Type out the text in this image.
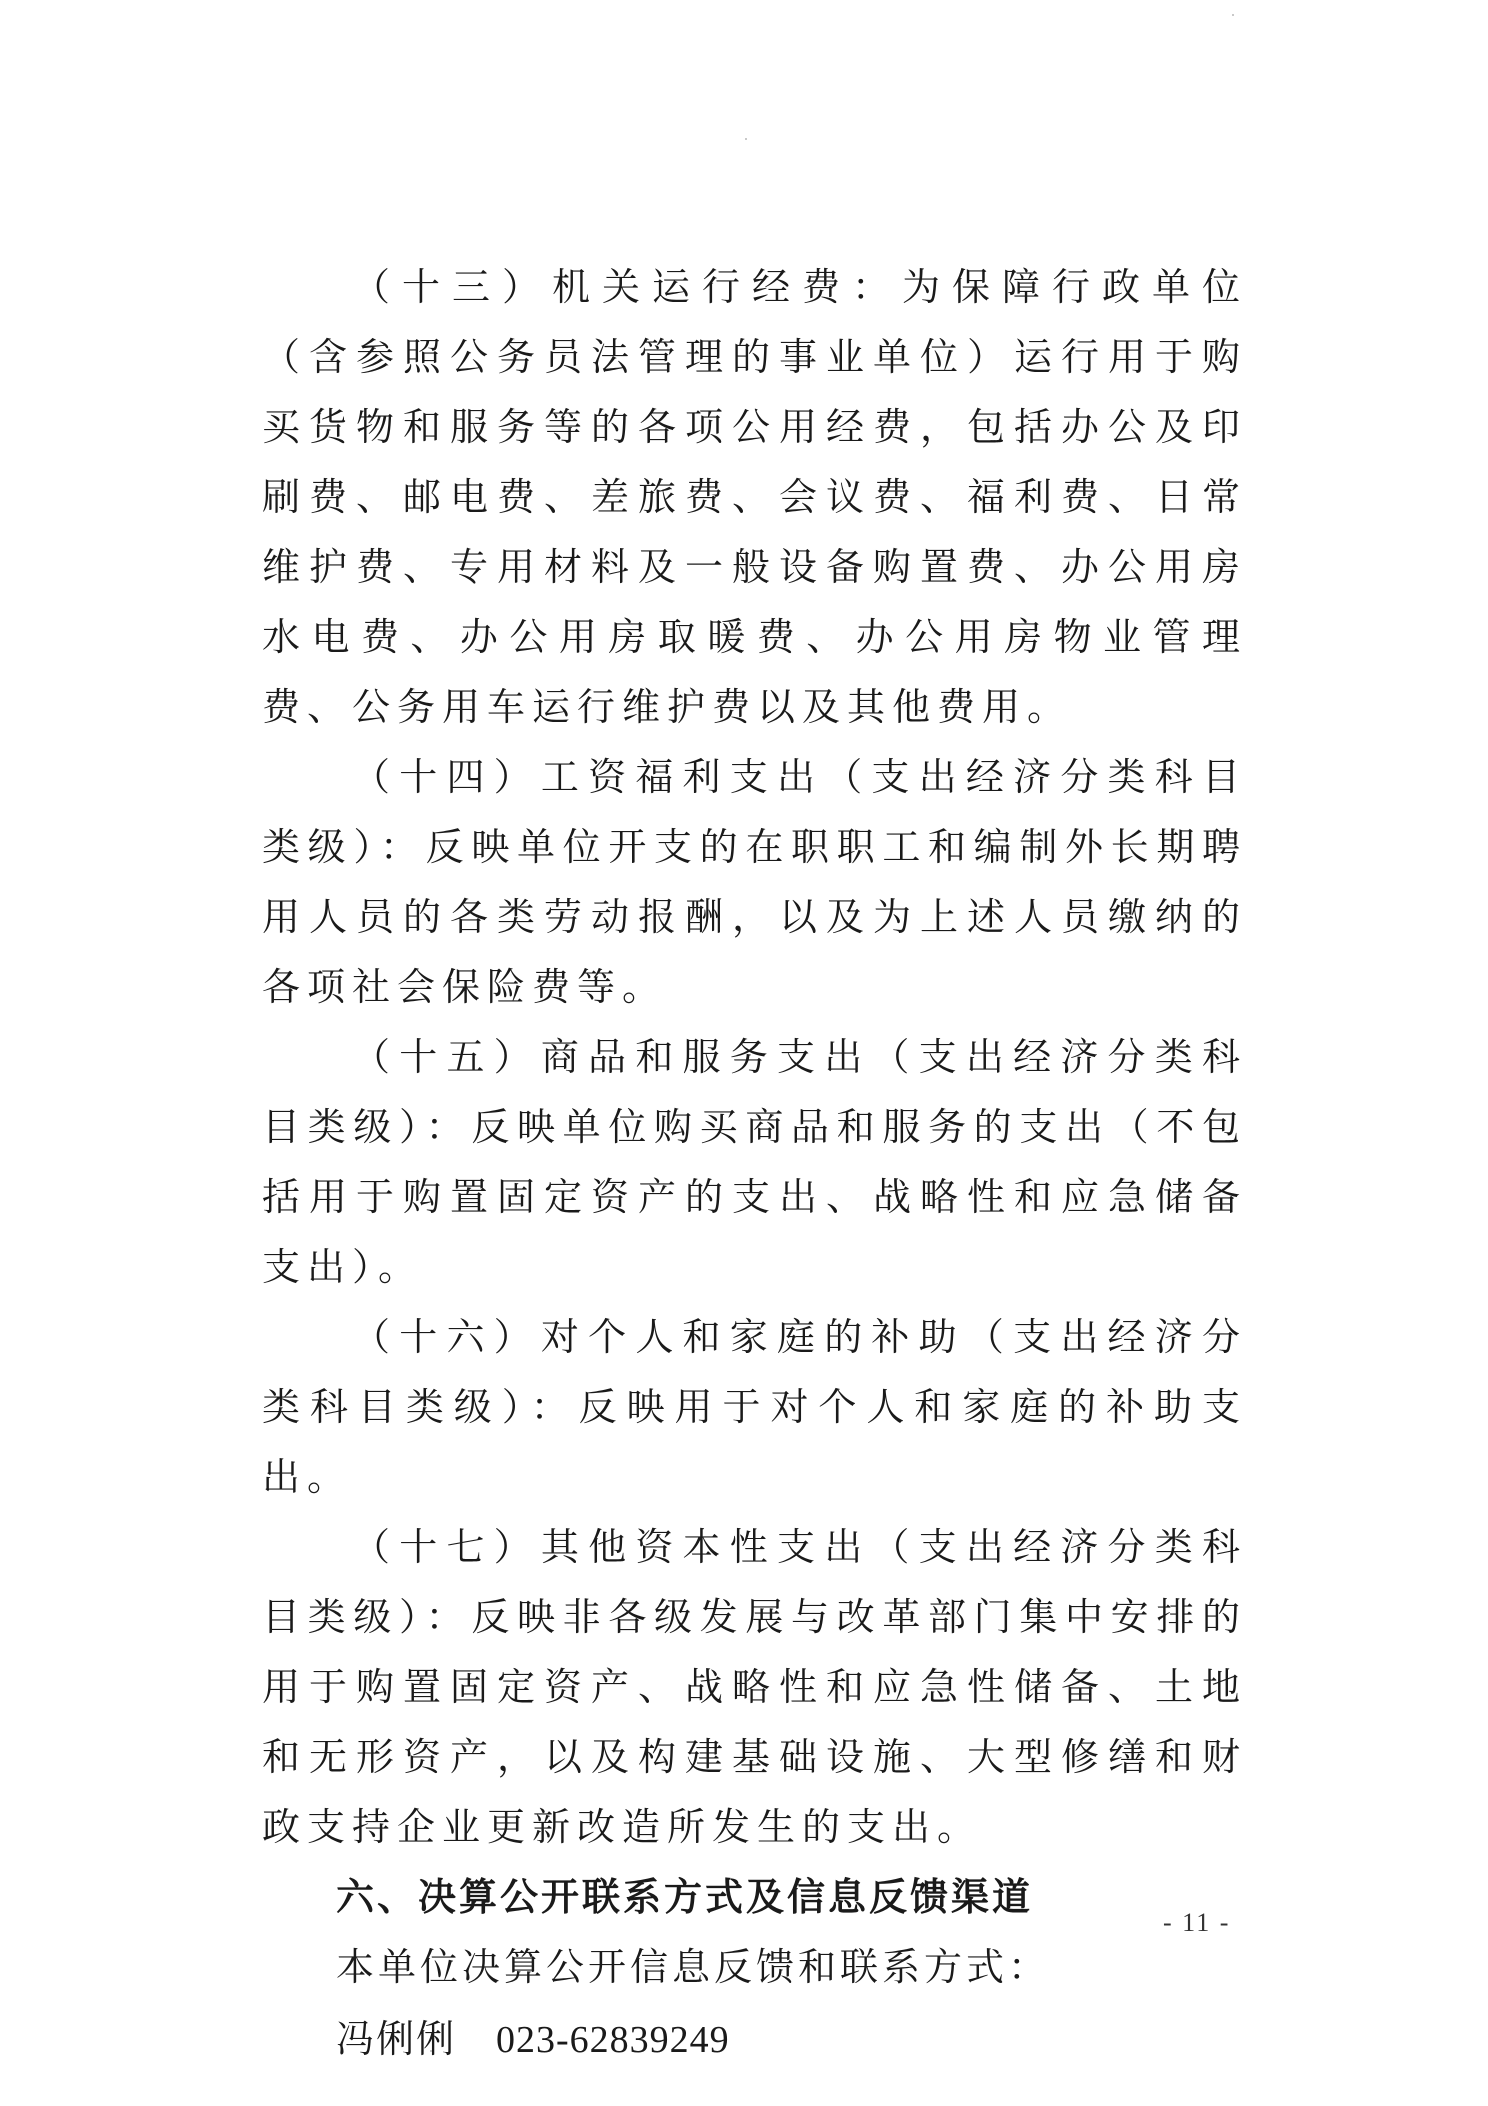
（十三）机关运行经费：为保障行政单位（含参照公务员法管理的事业单位）运行用于购买货物和服务等的各项公用经费，包括办公及印刷费、邮电费、差旅费、会议费、福利费、日常维护费、专用材料及一般设备购置费、办公用房水电费、办公用房取暖费、办公用房物业管理费、公务用车运行维护费以及其他费用。

（十四）工资福利支出（支出经济分类科目类级）：反映单位开支的在职职工和编制外长期聘用人员的各类劳动报酬，以及为上述人员缴纳的各项社会保险费等。

（十五）商品和服务支出（支出经济分类科目类级）：反映单位购买商品和服务的支出（不包括用于购置固定资产的支出、战略性和应急储备支出）。

（十六）对个人和家庭的补助（支出经济分类科目类级）：反映用于对个人和家庭的补助支出。

（十七）其他资本性支出（支出经济分类科目类级）：反映非各级发展与改革部门集中安排的用于购置固定资产、战略性和应急性储备、土地和无形资产，以及构建基础设施、大型修缮和财政支持企业更新改造所发生的支出。

六、决算公开联系方式及信息反馈渠道

本单位决算公开信息反馈和联系方式：

冯俐俐 023-62839249

- 11 -
